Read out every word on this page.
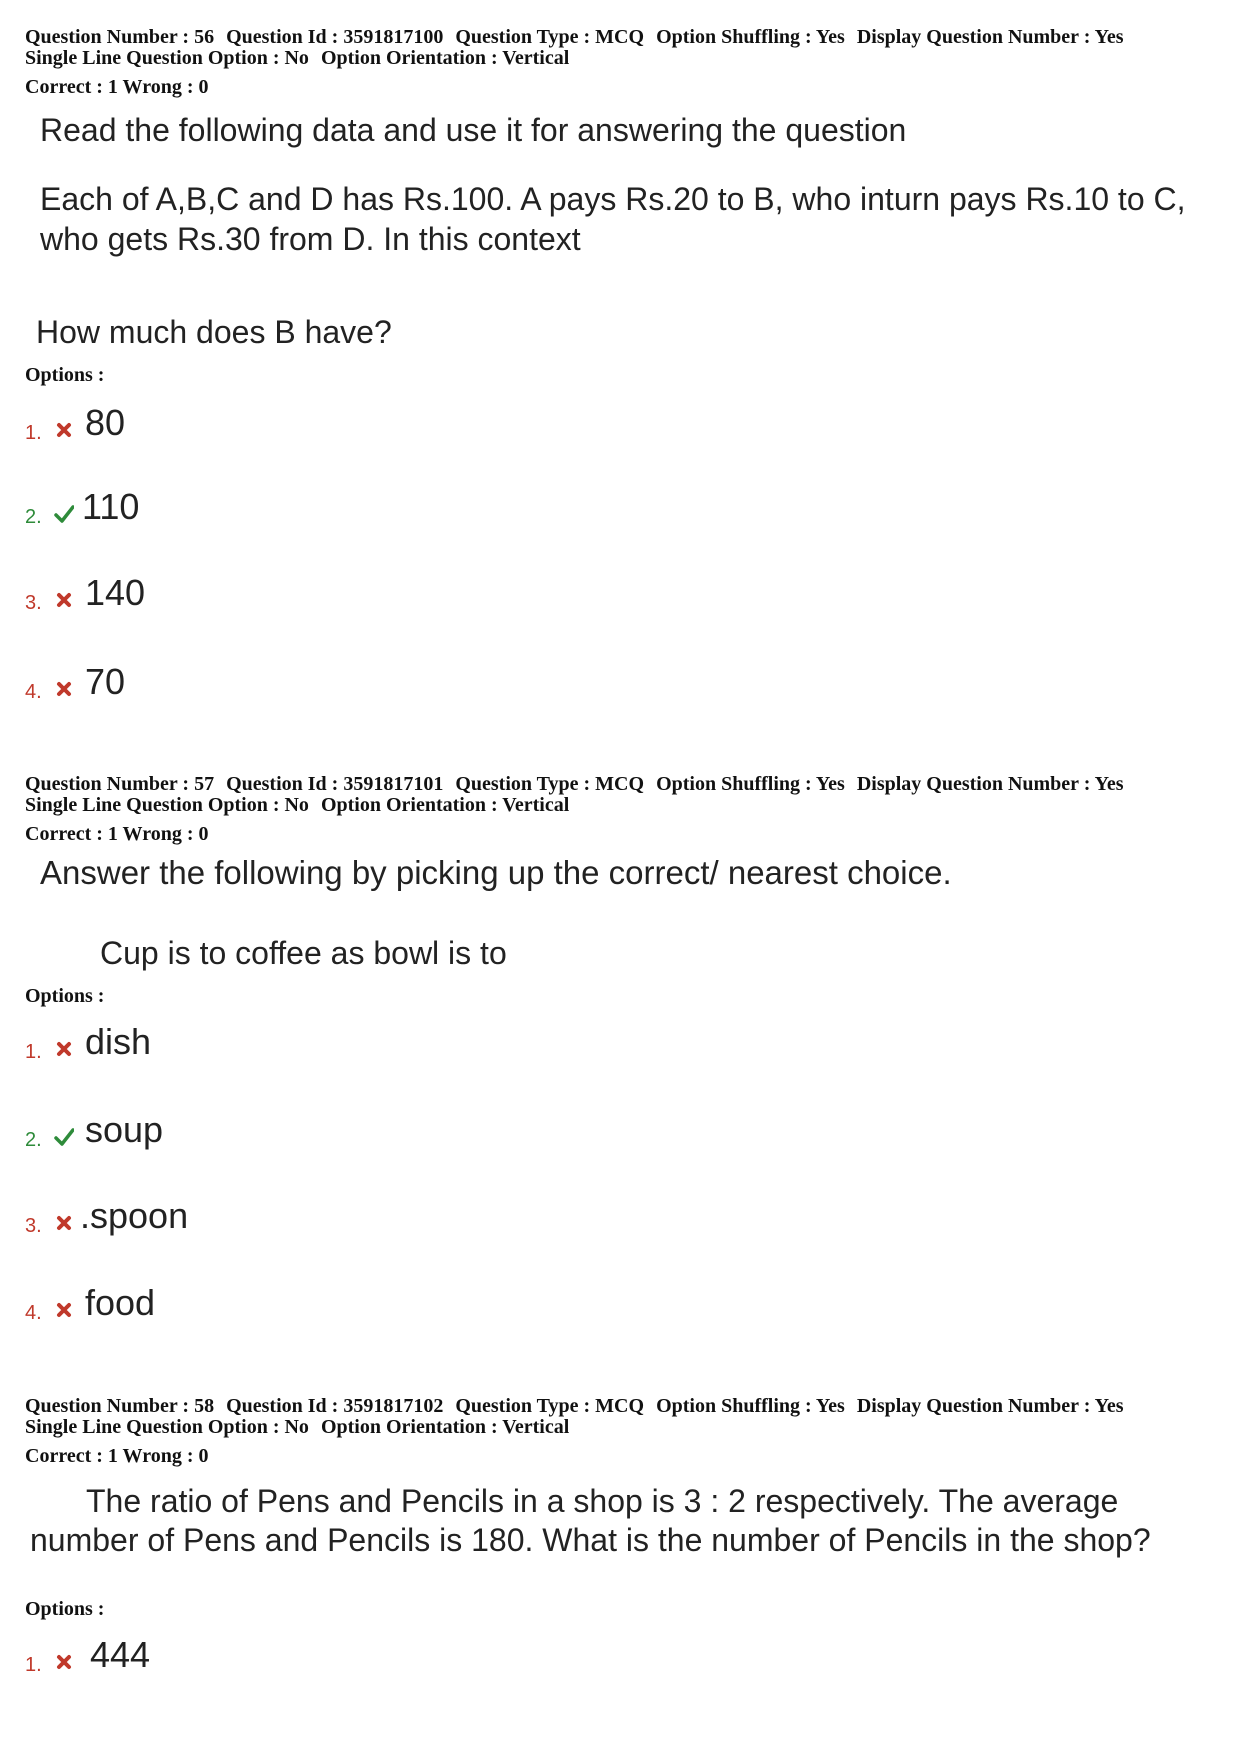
Question Number : 56 Question Id : 3591817100 Question Type : MCQ Option Shuffling : Yes Display Question Number : Yes
Single Line Question Option : No Option Orientation : Vertical
Correct : 1 Wrong : 0
Read the following data and use it for answering the question
Each of A,B,C and D has Rs.100. A pays Rs.20 to B, who inturn pays Rs.10 to C,
who gets Rs.30 from D. In this context
How much does B have?
Options :
1. 80
2. 110
3. 140
4. 70
Question Number : 57 Question Id : 3591817101 Question Type : MCQ Option Shuffling : Yes Display Question Number : Yes
Single Line Question Option : No Option Orientation : Vertical
Correct : 1 Wrong : 0
Answer the following by picking up the correct/ nearest choice.
Cup is to coffee as bowl is to
Options :
1. dish
2. soup
3. .spoon
4. food
Question Number : 58 Question Id : 3591817102 Question Type : MCQ Option Shuffling : Yes Display Question Number : Yes
Single Line Question Option : No Option Orientation : Vertical
Correct : 1 Wrong : 0
The ratio of Pens and Pencils in a shop is 3 : 2 respectively. The average
number of Pens and Pencils is 180. What is the number of Pencils in the shop?
Options :
1. 444
